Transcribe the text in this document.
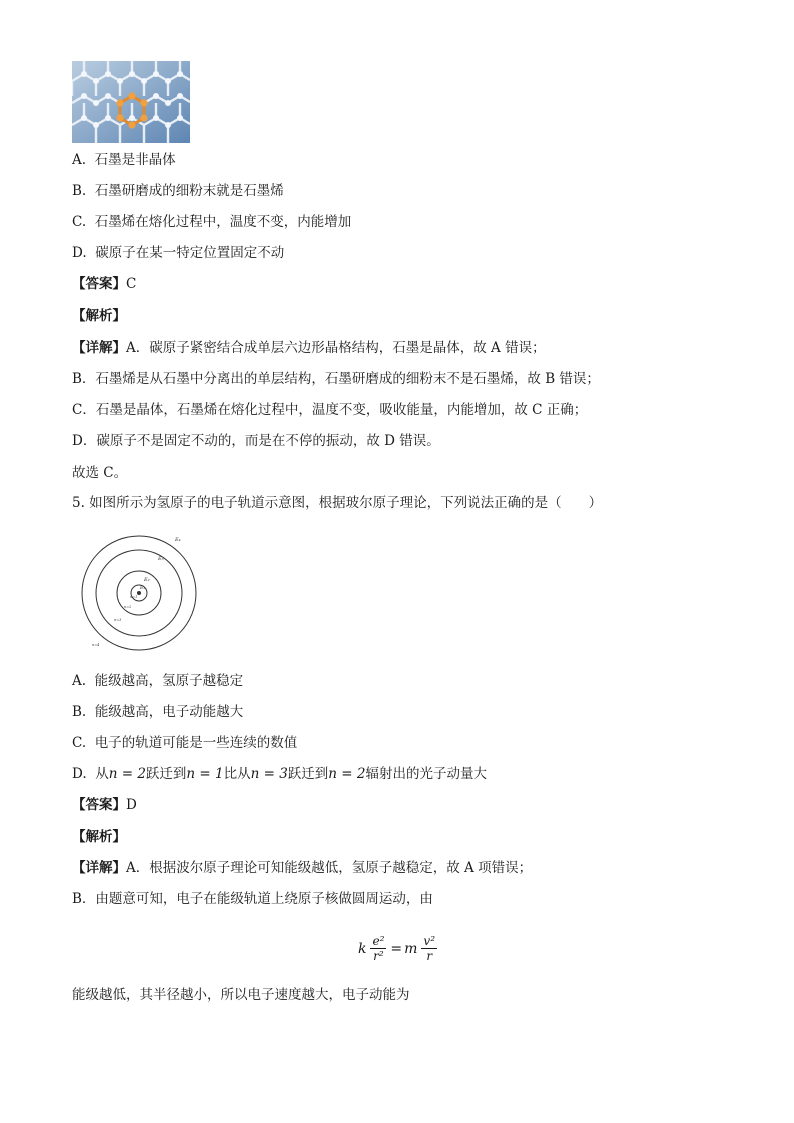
A. 石墨是非晶体
B. 石墨研磨成的细粉末就是石墨烯
C. 石墨烯在熔化过程中，温度不变，内能增加
D. 碳原子在某一特定位置固定不动
【答案】C
【解析】
【详解】A．碳原子紧密结合成单层六边形晶格结构，石墨是晶体，故 A 错误；
B．石墨烯是从石墨中分离出的单层结构，石墨研磨成的细粉末不是石墨烯，故 B 错误；
C．石墨是晶体，石墨烯在熔化过程中，温度不变，吸收能量，内能增加，故 C 正确；
D．碳原子不是固定不动的，而是在不停的振动，故 D 错误。
故选 C。
5. 如图所示为氢原子的电子轨道示意图，根据玻尔原子理论，下列说法正确的是（　　）
E₄
E₃
E₂
E₁
n=1
n=2
n=3
n=4
A. 能级越高，氢原子越稳定
B. 能级越高，电子动能越大
C. 电子的轨道可能是一些连续的数值
D. 从n = 2跃迁到n = 1比从n = 3跃迁到n = 2辐射出的光子动量大
【答案】D
【解析】
【详解】A．根据波尔原子理论可知能级越低，氢原子越稳定，故 A 项错误；
B．由题意可知，电子在能级轨道上绕原子核做圆周运动，由
k $\frac{\text{e²}}{\text{r²}} = m \frac{\text{v²}}{r}$
能级越低，其半径越小，所以电子速度越大，电子动能为
